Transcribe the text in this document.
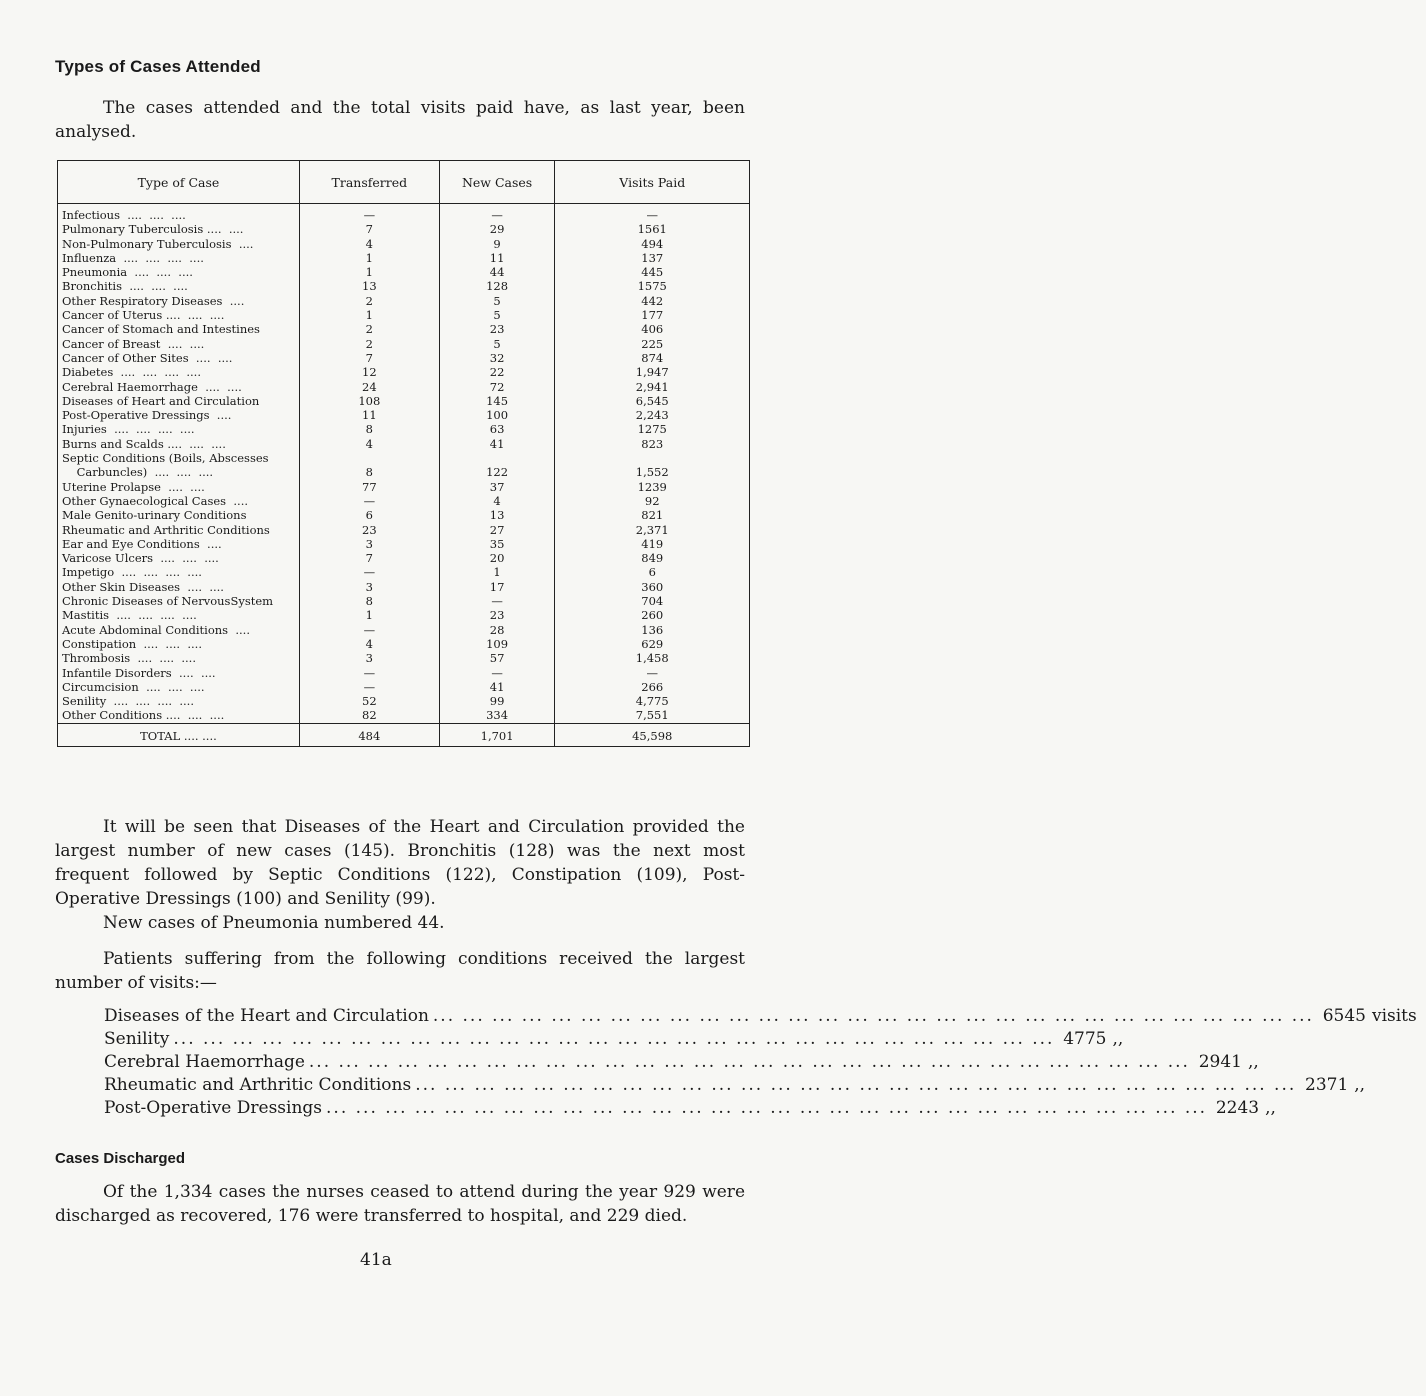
Types of Cases Attended
The cases attended and the total visits paid have, as last year, been analysed.
Type of Case	Transferred	New Cases	Visits Paid
Infectious  ....  ....  ....	—	—	—
Pulmonary Tuberculosis ....  ....	7	29	1561
Non-Pulmonary Tuberculosis  ....	4	9	494
Influenza  ....  ....  ....  ....	1	11	137
Pneumonia  ....  ....  ....	1	44	445
Bronchitis  ....  ....  ....	13	128	1575
Other Respiratory Diseases  ....	2	5	442
Cancer of Uterus ....  ....  ....	1	5	177
Cancer of Stomach and Intestines	2	23	406
Cancer of Breast  ....  ....	2	5	225
Cancer of Other Sites  ....  ....	7	32	874
Diabetes  ....  ....  ....  ....	12	22	1,947
Cerebral Haemorrhage  ....  ....	24	72	2,941
Diseases of Heart and Circulation	108	145	6,545
Post-Operative Dressings  ....	11	100	2,243
Injuries  ....  ....  ....  ....	8	63	1275
Burns and Scalds ....  ....  ....	4	41	823
Septic Conditions (Boils, Abscesses			
Carbuncles)  ....  ....  ....	8	122	1,552
Uterine Prolapse  ....  ....	77	37	1239
Other Gynaecological Cases  ....	—	4	92
Male Genito-urinary Conditions	6	13	821
Rheumatic and Arthritic Conditions	23	27	2,371
Ear and Eye Conditions  ....	3	35	419
Varicose Ulcers  ....  ....  ....	7	20	849
Impetigo  ....  ....  ....  ....	—	1	6
Other Skin Diseases  ....  ....	3	17	360
Chronic Diseases of NervousSystem	8	—	704
Mastitis  ....  ....  ....  ....	1	23	260
Acute Abdominal Conditions  ....	—	28	136
Constipation  ....  ....  ....	4	109	629
Thrombosis  ....  ....  ....	3	57	1,458
Infantile Disorders  ....  ....	—	—	—
Circumcision  ....  ....  ....	—	41	266
Senility  ....  ....  ....  ....	52	99	4,775
Other Conditions ....  ....  ....	82	334	7,551
TOTAL .... ....	484	1,701	45,598
It will be seen that Diseases of the Heart and Circulation provided the largest number of new cases (145). Bronchitis (128) was the next most frequent followed by Septic Conditions (122), Constipation (109), Post-Operative Dressings (100) and Senility (99).
New cases of Pneumonia numbered 44.
Patients suffering from the following conditions received the largest number of visits:—
Diseases of the Heart and Circulation ... ... ... ... ... ... ... ... ... ... ... ... ... ... ... ... ... ... ... ... ... ... ... ... ... ... ... ... ... ... 6545 visits
Senility ... ... ... ... ... ... ... ... ... ... ... ... ... ... ... ... ... ... ... ... ... ... ... ... ... ... ... ... ... ... 4775 ,,
Cerebral Haemorrhage ... ... ... ... ... ... ... ... ... ... ... ... ... ... ... ... ... ... ... ... ... ... ... ... ... ... ... ... ... ... 2941 ,,
Rheumatic and Arthritic Conditions ... ... ... ... ... ... ... ... ... ... ... ... ... ... ... ... ... ... ... ... ... ... ... ... ... ... ... ... ... ... 2371 ,,
Post-Operative Dressings ... ... ... ... ... ... ... ... ... ... ... ... ... ... ... ... ... ... ... ... ... ... ... ... ... ... ... ... ... ... 2243 ,,
Cases Discharged
Of the 1,334 cases the nurses ceased to attend during the year 929 were discharged as recovered, 176 were transferred to hospital, and 229 died.
41a
